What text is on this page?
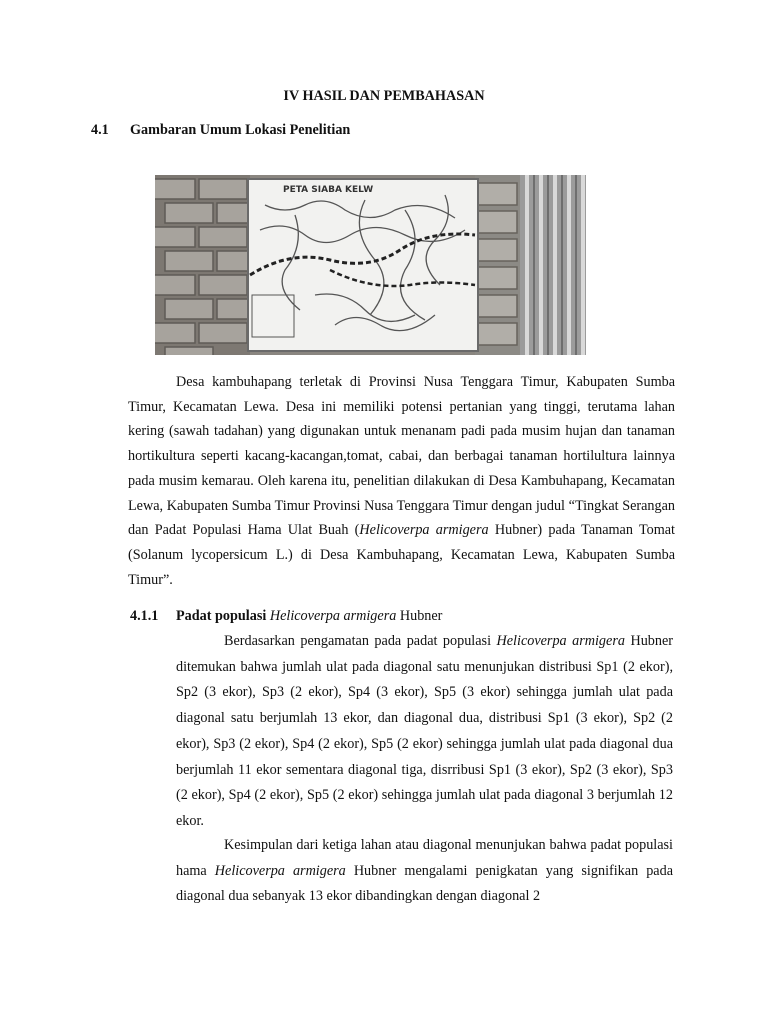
IV HASIL DAN PEMBAHASAN
4.1 Gambaran Umum Lokasi Penelitian
PETA SIABA KELW

Desa kambuhapang terletak di Provinsi Nusa Tenggara Timur, Kabupaten Sumba Timur, Kecamatan Lewa. Desa ini memiliki potensi pertanian yang tinggi, terutama lahan kering (sawah tadahan) yang digunakan untuk menanam padi pada musim hujan dan tanaman hortikultura seperti kacang-kacangan,tomat, cabai, dan berbagai tanaman hortilultura lainnya pada musim kemarau. Oleh karena itu, penelitian dilakukan di Desa Kambuhapang, Kecamatan Lewa, Kabupaten Sumba Timur Provinsi Nusa Tenggara Timur dengan judul “Tingkat Serangan dan Padat Populasi Hama Ulat Buah (Helicoverpa armigera Hubner) pada Tanaman Tomat (Solanum lycopersicum L.) di Desa Kambuhapang, Kecamatan Lewa, Kabupaten Sumba Timur”.

4.1.1 Padat populasi Helicoverpa armigera Hubner

Berdasarkan pengamatan pada padat populasi Helicoverpa armigera Hubner ditemukan bahwa jumlah ulat pada diagonal satu menunjukan distribusi Sp1 (2 ekor), Sp2 (3 ekor), Sp3 (2 ekor), Sp4 (3 ekor), Sp5 (3 ekor) sehingga jumlah ulat pada diagonal satu berjumlah 13 ekor, dan diagonal dua, distribusi Sp1 (3 ekor), Sp2 (2 ekor), Sp3 (2 ekor), Sp4 (2 ekor), Sp5 (2 ekor) sehingga jumlah ulat pada diagonal dua berjumlah 11 ekor sementara diagonal tiga, disrribusi Sp1 (3 ekor), Sp2 (3 ekor), Sp3 (2 ekor), Sp4 (2 ekor), Sp5 (2 ekor) sehingga jumlah ulat pada diagonal 3 berjumlah 12 ekor.

Kesimpulan dari ketiga lahan atau diagonal menunjukan bahwa padat populasi hama Helicoverpa armigera Hubner mengalami penigkatan yang signifikan pada diagonal dua sebanyak 13 ekor dibandingkan dengan diagonal 2
